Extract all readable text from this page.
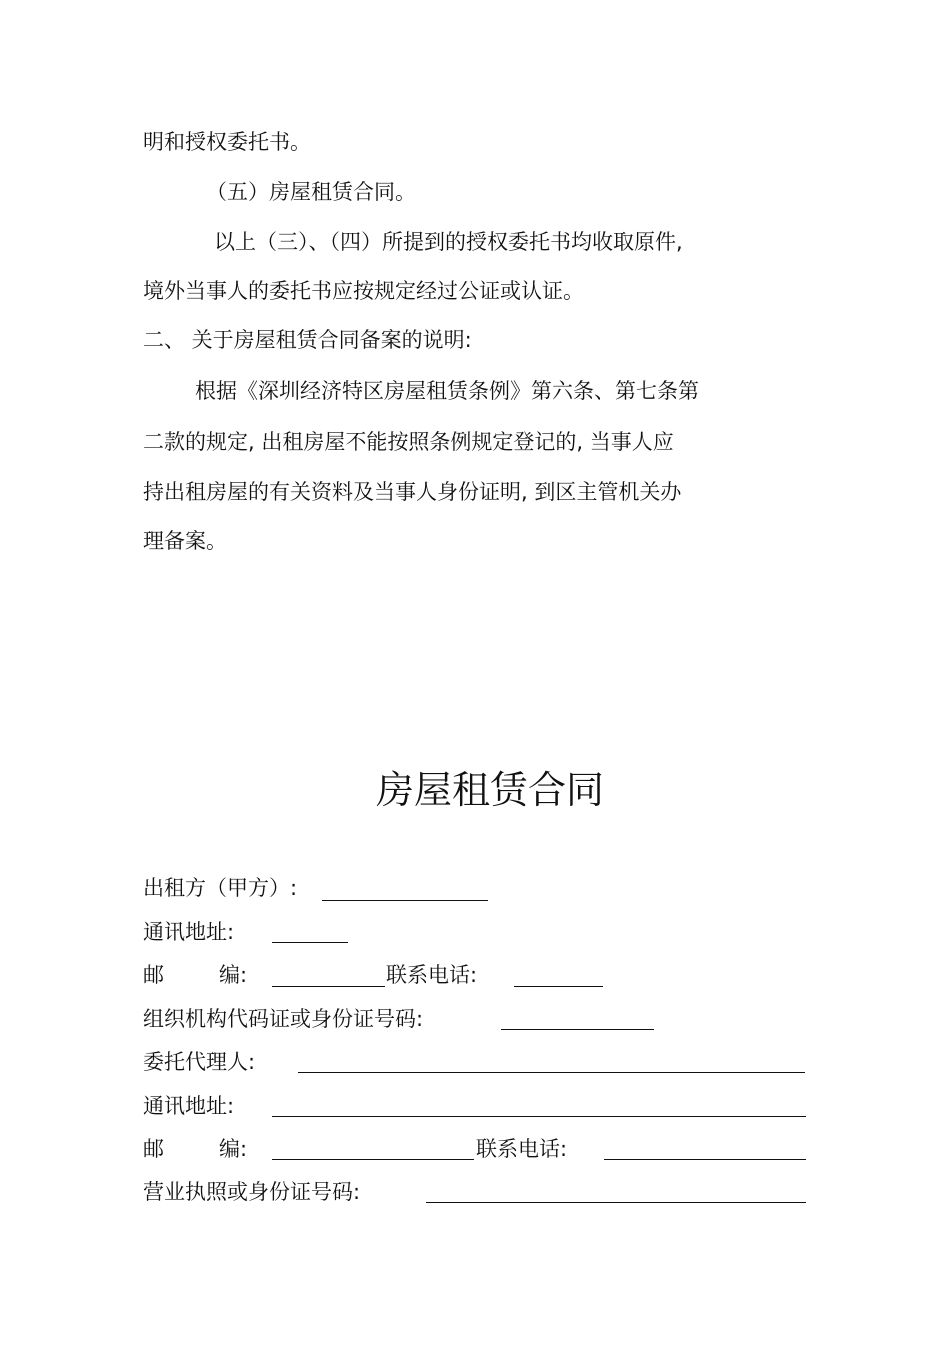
明和授权委托书。
（五）房屋租赁合同。
以上（三）、（四）所提到的授权委托书均收取原件,
境外当事人的委托书应按规定经过公证或认证。
二、 关于房屋租赁合同备案的说明:
根据《深圳经济特区房屋租赁条例》第六条、第七条第
二款的规定, 出租房屋不能按照条例规定登记的, 当事人应
持出租房屋的有关资料及当事人身份证明, 到区主管机关办
理备案。
房屋租赁合同
出租方（甲方）:
通讯地址:
邮	编:	联系电话:
组织机构代码证或身份证号码:
委托代理人:
通讯地址:
邮	编:	联系电话:
营业执照或身份证号码:
